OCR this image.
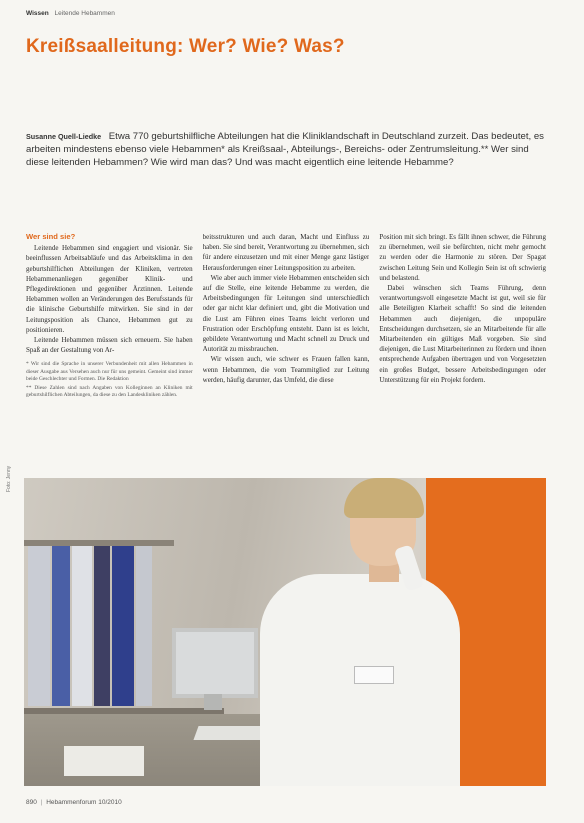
Wissen Leitende Hebammen
Kreißsaalleitung: Wer? Wie? Was?

Susanne Quell-Liedke Etwa 770 geburtshilfliche Abteilungen hat die Kliniklandschaft in Deutschland zurzeit. Das bedeutet, es arbeiten mindestens ebenso viele Hebammen* als Kreißsaal-, Abteilungs-, Bereichs- oder Zentrumsleitung.** Wer sind diese leitenden Hebammen? Wie wird man das? Und was macht eigentlich eine leitende Hebamme?

Wer sind sie?

Leitende Hebammen sind engagiert und visionär. Sie beeinflussen Arbeitsabläufe und das Arbeitsklima in den geburtshilflichen Abteilungen der Kliniken, vertreten Hebammenanliegen gegenüber Klinik- und Pflegedirektionen und gegenüber Ärztinnen. Leitende Hebammen wollen an Veränderungen des Berufsstands für die klinische Geburtshilfe mitwirken. Sie sind in der Leitungsposition als Chance, Hebammen gut zu positionieren.

Leitende Hebammen müssen sich erneuern. Sie haben Spaß an der Gestaltung von Ar-

* Wir sind die Sprache in unserer Verbundenheit mit allen Hebammen in dieser Ausgabe aus Versehen auch nur für uns gemeint. Gemeint sind immer beide Geschlechter und Formen. Die Redaktion

** Diese Zahlen sind nach Angaben von Kolleginnen an Kliniken mit geburtshilflichen Abteilungen, da diese zu den Landeskliniken zählen.

beitsstrukturen und auch daran, Macht und Einfluss zu haben. Sie sind bereit, Verantwortung zu übernehmen, sich für andere einzusetzen und mit einer Menge ganz lästiger Herausforderungen einer Leitungsposition zu arbeiten.

Wie aber auch immer viele Hebammen entscheiden sich auf die Stelle, eine leitende Hebamme zu werden, die Arbeitsbedingungen für Leitungen sind unterschiedlich oder gar nicht klar definiert und, gibt die Motivation und die Lust am Führen eines Teams leicht verloren und Frustration oder Erschöpfung entsteht. Dann ist es leicht, gebildete Verantwortung und Macht schnell zu Druck und Autorität zu missbrauchen.

Wir wissen auch, wie schwer es Frauen fallen kann, wenn Hebammen, die vom Teammitglied zur Leitung werden, häufig darunter, das Umfeld, die diese

Position mit sich bringt. Es fällt ihnen schwer, die Führung zu übernehmen, weil sie befürchten, nicht mehr gemocht zu werden oder die Harmonie zu stören. Der Spagat zwischen Leitung Sein und Kollegin Sein ist oft schwierig und belastend.

Dabei wünschen sich Teams Führung, denn verantwortungsvoll eingesetzte Macht ist gut, weil sie für alle Beteiligten Klarheit schafft! So sind die leitenden Hebammen auch diejenigen, die unpopuläre Entscheidungen durchsetzen, sie an Mitarbeitende für alle Mitarbeitenden ein gültiges Maß vorgeben. Sie sind diejenigen, die Lust Mitarbeiterinnen zu fördern und ihnen entsprechende Aufgaben übertragen und von Vorgesetzten ein großes Budget, bessere Arbeitsbedingungen oder Unterstützung für ein Projekt fordern.

Foto: Jenny
890 | Hebammenforum 10/2010
